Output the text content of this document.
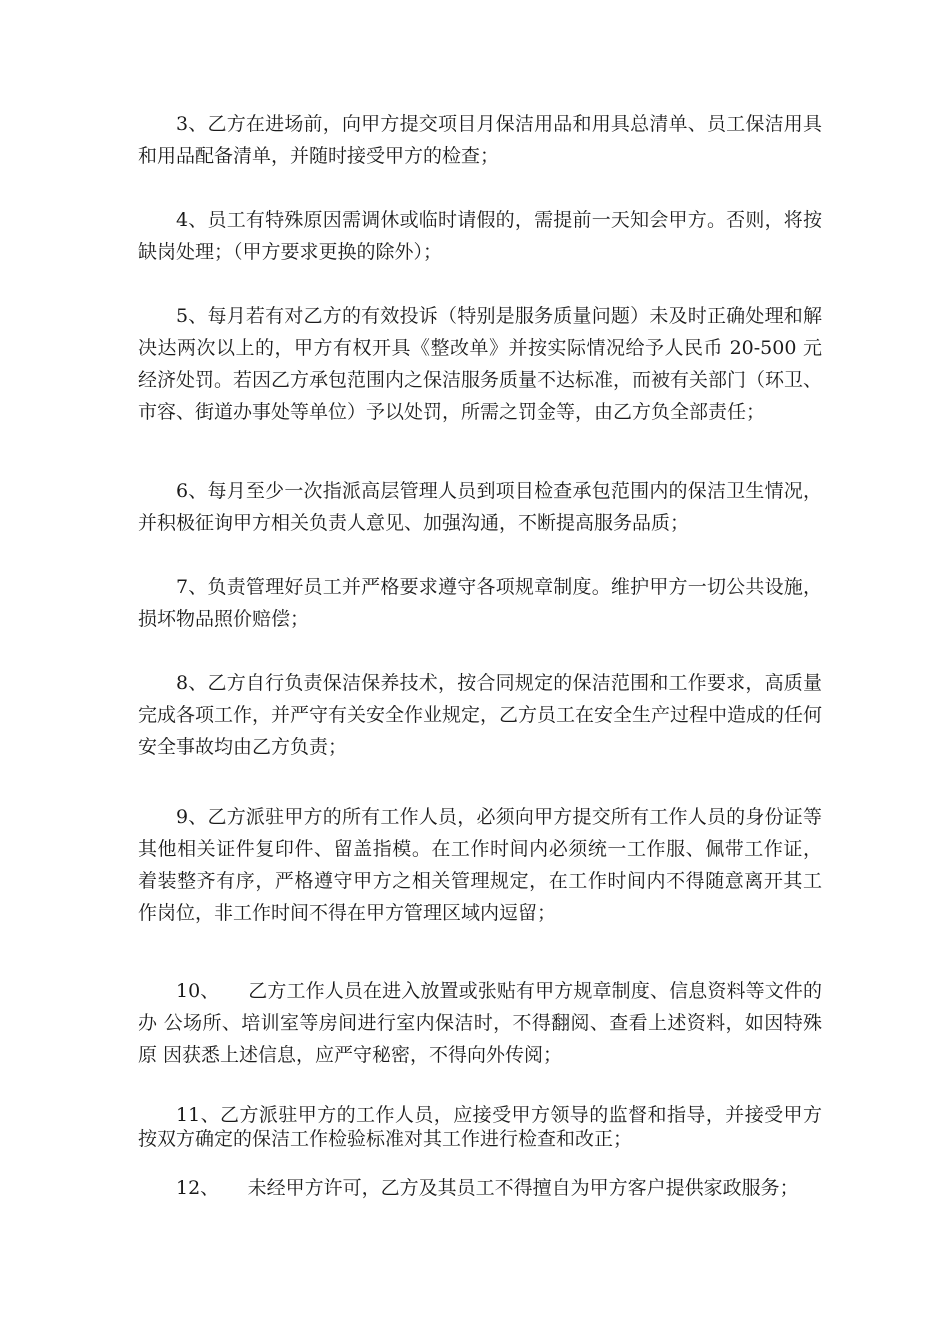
3、乙方在进场前，向甲方提交项目月保洁用品和用具总清单、员工保洁用具和用品配备清单，并随时接受甲方的检查；

4、员工有特殊原因需调休或临时请假的，需提前一天知会甲方。否则，将按缺岗处理；（甲方要求更换的除外）；

5、每月若有对乙方的有效投诉（特别是服务质量问题）未及时正确处理和解决达两次以上的，甲方有权开具《整改单》并按实际情况给予人民币 20-500 元经济处罚。若因乙方承包范围内之保洁服务质量不达标准，而被有关部门（环卫、市容、街道办事处等单位）予以处罚，所需之罚金等，由乙方负全部责任；

6、每月至少一次指派高层管理人员到项目检查承包范围内的保洁卫生情况，并积极征询甲方相关负责人意见、加强沟通，不断提高服务品质；

7、负责管理好员工并严格要求遵守各项规章制度。维护甲方一切公共设施，损坏物品照价赔偿；

8、乙方自行负责保洁保养技术，按合同规定的保洁范围和工作要求，高质量完成各项工作，并严守有关安全作业规定，乙方员工在安全生产过程中造成的任何安全事故均由乙方负责；

9、乙方派驻甲方的所有工作人员，必须向甲方提交所有工作人员的身份证等其他相关证件复印件、留盖指模。在工作时间内必须统一工作服、佩带工作证， 着装整齐有序，严格遵守甲方之相关管理规定，在工作时间内不得随意离开其工 作岗位，非工作时间不得在甲方管理区域内逗留；

10、　　乙方工作人员在进入放置或张贴有甲方规章制度、信息资料等文件的办 公场所、培训室等房间进行室内保洁时，不得翻阅、查看上述资料，如因特殊原 因获悉上述信息，应严守秘密，不得向外传阅；

11、乙方派驻甲方的工作人员，应接受甲方领导的监督和指导，并接受甲方按双方确定的保洁工作检验标准对其工作进行检查和改正；

12、　　未经甲方许可，乙方及其员工不得擅自为甲方客户提供家政服务；
